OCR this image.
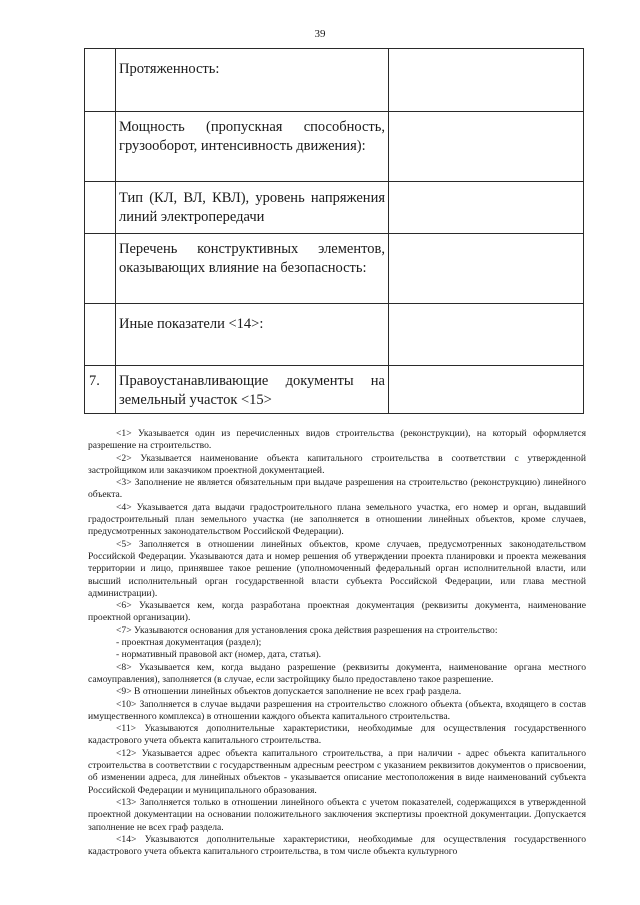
39

	Протяженность:	

	Мощность (пропускная способность, грузооборот, интенсивность движения):	

	Тип (КЛ, ВЛ, КВЛ), уровень напряжения линий электропередачи	

	Перечень конструктивных элементов, оказывающих влияние на безопасность:	

	Иные показатели <14>:	

7.	Правоустанавливающие документы на земельный участок <15>	

<1> Указывается один из перечисленных видов строительства (реконструкции), на который оформляется разрешение на строительство.

<2> Указывается наименование объекта капитального строительства в соответствии с утвержденной застройщиком или заказчиком проектной документацией.

<3> Заполнение не является обязательным при выдаче разрешения на строительство (реконструкцию) линейного объекта.

<4> Указывается дата выдачи градостроительного плана земельного участка, его номер и орган, выдавший градостроительный план земельного участка (не заполняется в отношении линейных объектов, кроме случаев, предусмотренных законодательством Российской Федерации).

<5> Заполняется в отношении линейных объектов, кроме случаев, предусмотренных законодательством Российской Федерации. Указываются дата и номер решения об утверждении проекта планировки и проекта межевания территории и лицо, принявшее такое решение (уполномоченный федеральный орган исполнительной власти, или высший исполнительный орган государственной власти субъекта Российской Федерации, или глава местной администрации).

<6> Указывается кем, когда разработана проектная документация (реквизиты документа, наименование проектной организации).

<7> Указываются основания для установления срока действия разрешения на строительство:

- проектная документация (раздел);

- нормативный правовой акт (номер, дата, статья).

<8> Указывается кем, когда выдано разрешение (реквизиты документа, наименование органа местного самоуправления), заполняется (в случае, если застройщику было предоставлено такое разрешение.

<9> В отношении линейных объектов допускается заполнение не всех граф раздела.

<10> Заполняется в случае выдачи разрешения на строительство сложного объекта (объекта, входящего в состав имущественного комплекса) в отношении каждого объекта капитального строительства.

<11> Указываются дополнительные характеристики, необходимые для осуществления государственного кадастрового учета объекта капитального строительства.

<12> Указывается адрес объекта капитального строительства, а при наличии - адрес объекта капитального строительства в соответствии с государственным адресным реестром с указанием реквизитов документов о присвоении, об изменении адреса, для линейных объектов - указывается описание местоположения в виде наименований субъекта Российской Федерации и муниципального образования.

<13> Заполняется только в отношении линейного объекта с учетом показателей, содержащихся в утвержденной проектной документации на основании положительного заключения экспертизы проектной документации. Допускается заполнение не всех граф раздела.

<14> Указываются дополнительные характеристики, необходимые для осуществления государственного кадастрового учета объекта капитального строительства, в том числе объекта культурного
